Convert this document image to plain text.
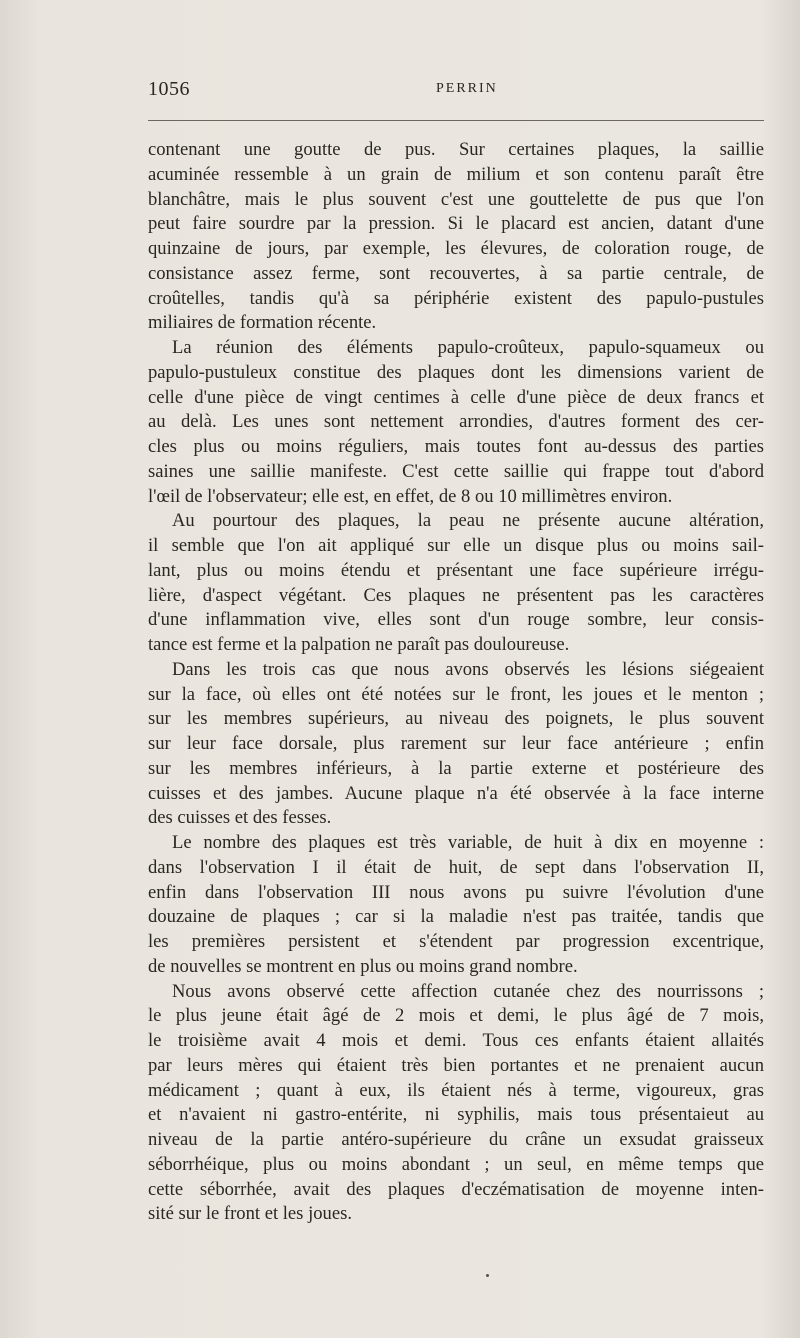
1056	PERRIN
contenant une goutte de pus. Sur certaines plaques, la saillie
acuminée ressemble à un grain de milium et son contenu paraît être
blanchâtre, mais le plus souvent c'est une gouttelette de pus que l'on
peut faire sourdre par la pression. Si le placard est ancien, datant d'une
quinzaine de jours, par exemple, les élevures, de coloration rouge, de
consistance assez ferme, sont recouvertes, à sa partie centrale, de
croûtelles, tandis qu'à sa périphérie existent des papulo-pustules
miliaires de formation récente.
La réunion des éléments papulo-croûteux, papulo-squameux ou
papulo-pustuleux constitue des plaques dont les dimensions varient de
celle d'une pièce de vingt centimes à celle d'une pièce de deux francs et
au delà. Les unes sont nettement arrondies, d'autres forment des cer-
cles plus ou moins réguliers, mais toutes font au-dessus des parties
saines une saillie manifeste. C'est cette saillie qui frappe tout d'abord
l'œil de l'observateur; elle est, en effet, de 8 ou 10 millimètres environ.
Au pourtour des plaques, la peau ne présente aucune altération,
il semble que l'on ait appliqué sur elle un disque plus ou moins sail-
lant, plus ou moins étendu et présentant une face supérieure irrégu-
lière, d'aspect végétant. Ces plaques ne présentent pas les caractères
d'une inflammation vive, elles sont d'un rouge sombre, leur consis-
tance est ferme et la palpation ne paraît pas douloureuse.
Dans les trois cas que nous avons observés les lésions siégeaient
sur la face, où elles ont été notées sur le front, les joues et le menton ;
sur les membres supérieurs, au niveau des poignets, le plus souvent
sur leur face dorsale, plus rarement sur leur face antérieure ; enfin
sur les membres inférieurs, à la partie externe et postérieure des
cuisses et des jambes. Aucune plaque n'a été observée à la face interne
des cuisses et des fesses.
Le nombre des plaques est très variable, de huit à dix en moyenne :
dans l'observation I il était de huit, de sept dans l'observation II,
enfin dans l'observation III nous avons pu suivre l'évolution d'une
douzaine de plaques ; car si la maladie n'est pas traitée, tandis que
les premières persistent et s'étendent par progression excentrique,
de nouvelles se montrent en plus ou moins grand nombre.
Nous avons observé cette affection cutanée chez des nourrissons ;
le plus jeune était âgé de 2 mois et demi, le plus âgé de 7 mois,
le troisième avait 4 mois et demi. Tous ces enfants étaient allaités
par leurs mères qui étaient très bien portantes et ne prenaient aucun
médicament ; quant à eux, ils étaient nés à terme, vigoureux, gras
et n'avaient ni gastro-entérite, ni syphilis, mais tous présentaieut au
niveau de la partie antéro-supérieure du crâne un exsudat graisseux
séborrhéique, plus ou moins abondant ; un seul, en même temps que
cette séborrhée, avait des plaques d'eczématisation de moyenne inten-
sité sur le front et les joues.
